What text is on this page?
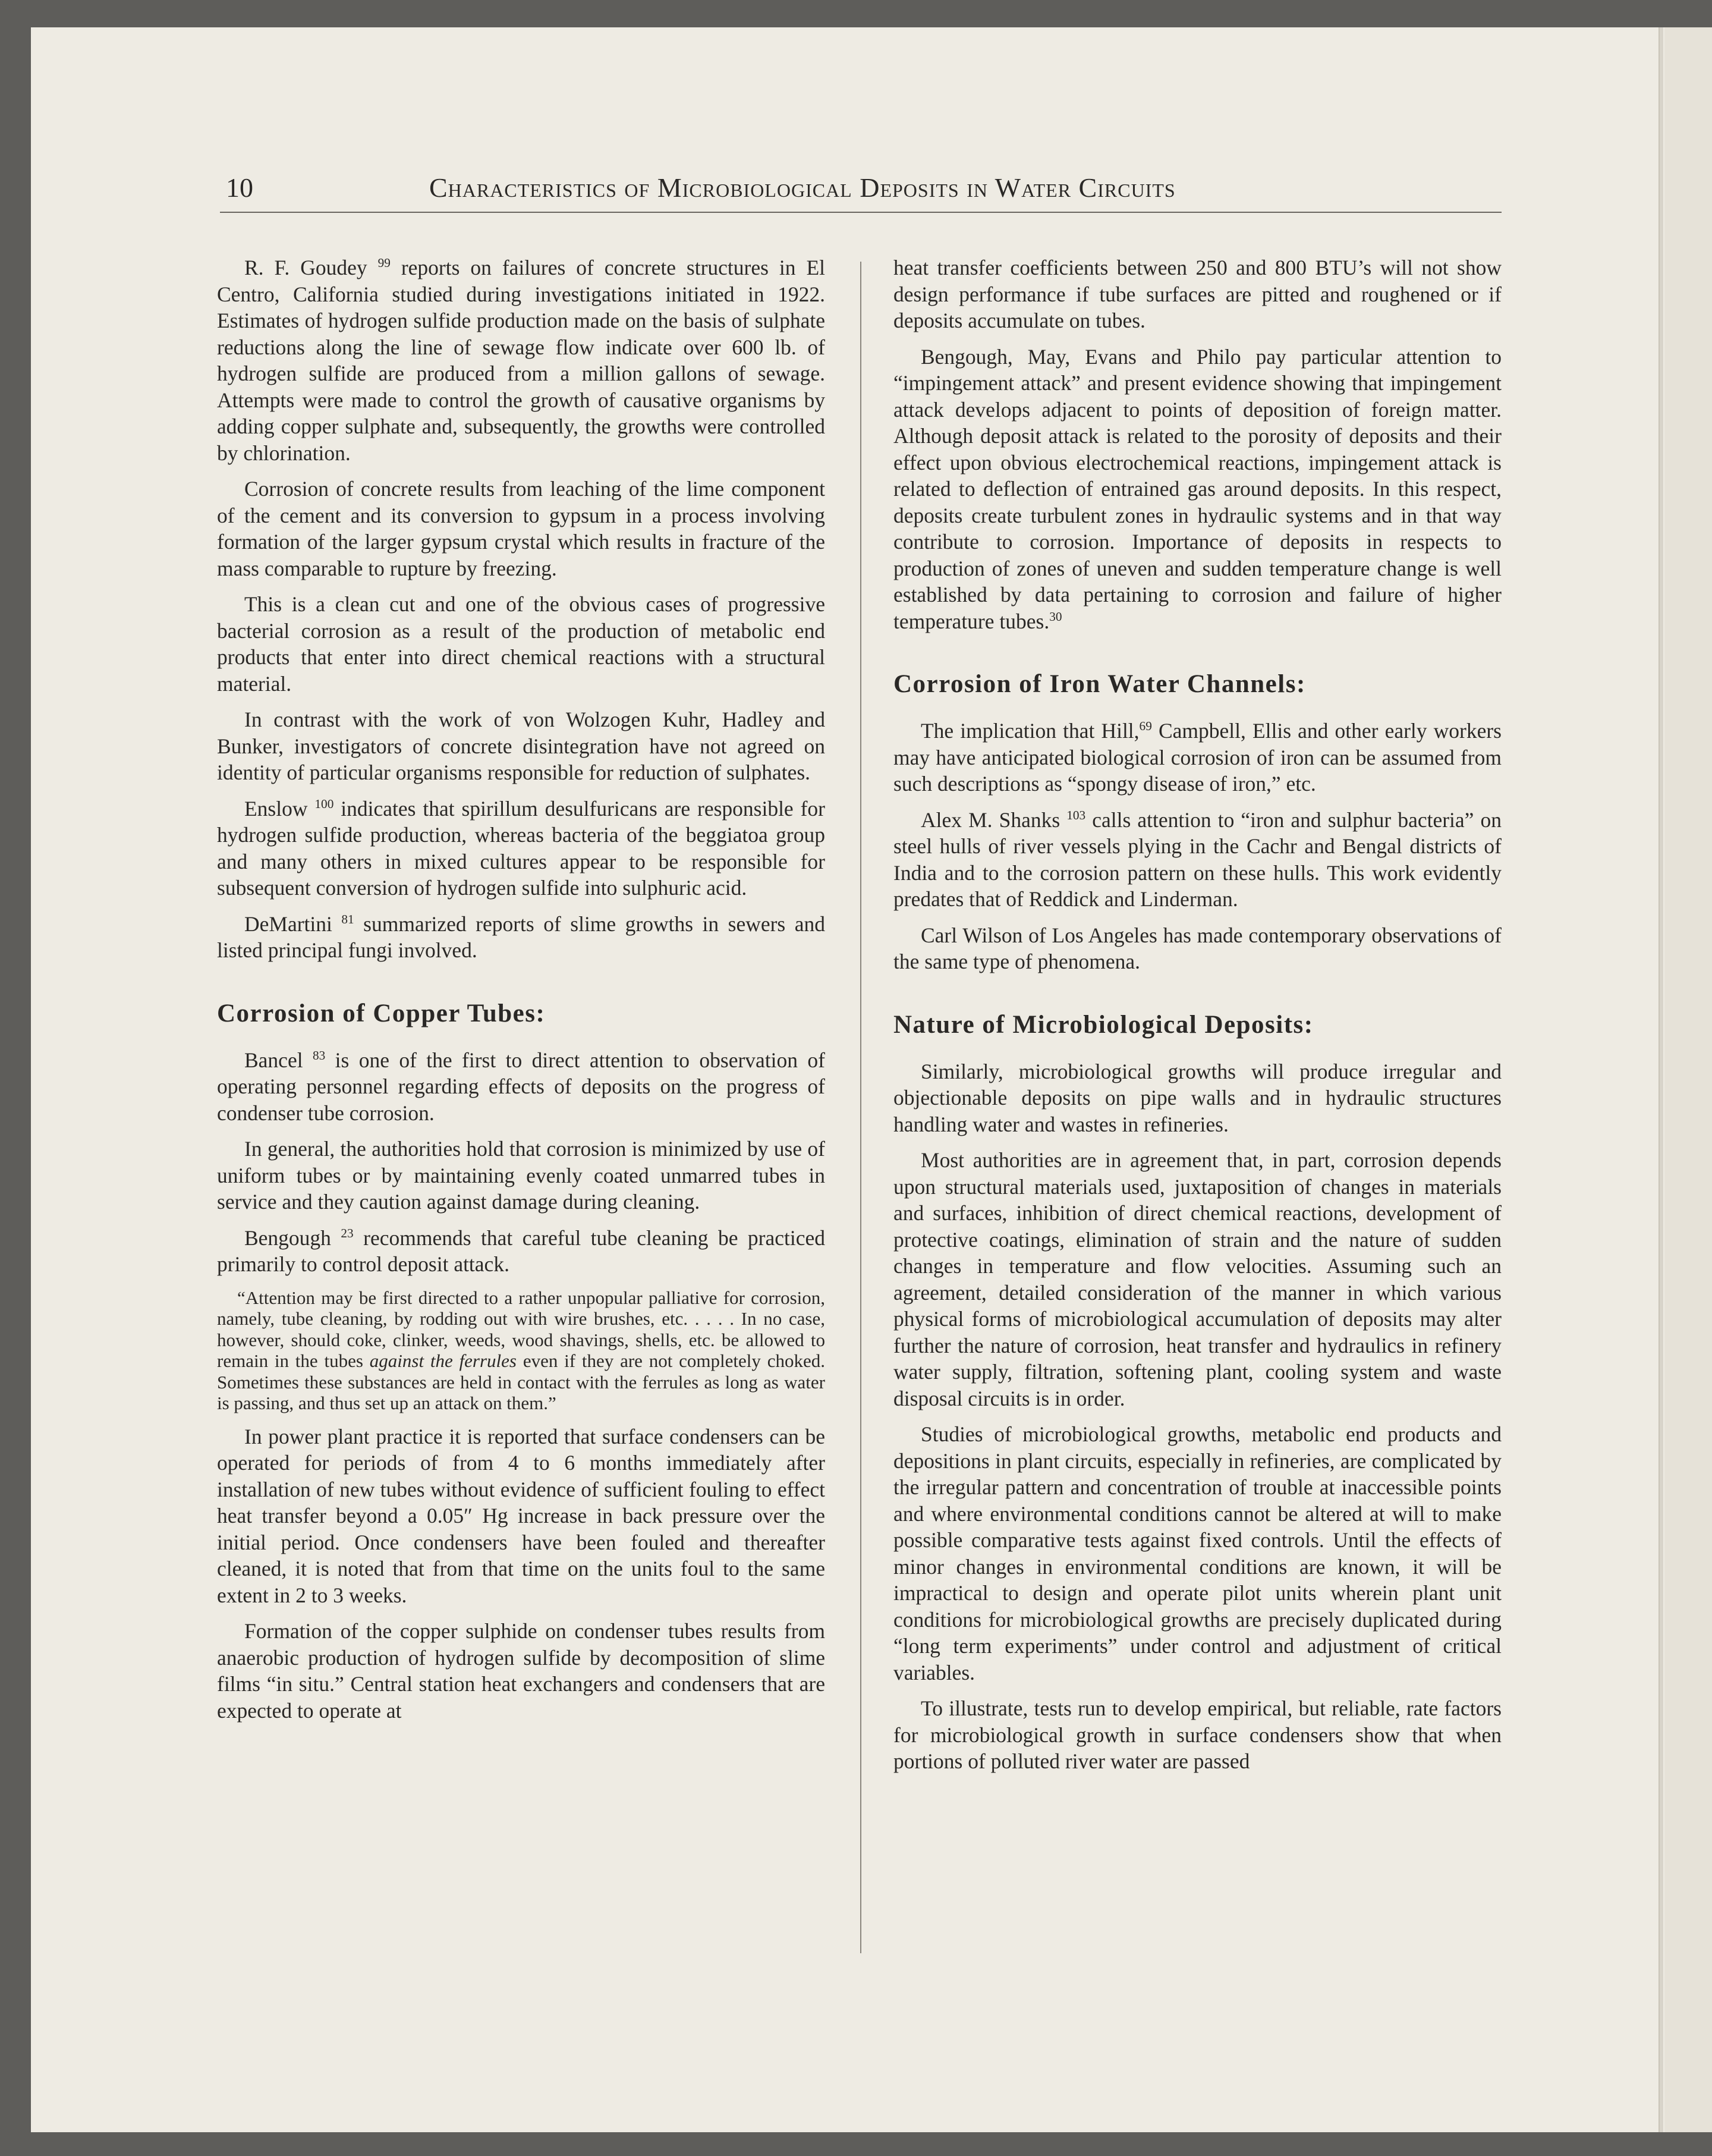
10	Characteristics of Microbiological Deposits in Water Circuits

R. F. Goudey $^{99}$ reports on failures of concrete structures in El Centro, California studied during investigations initiated in 1922. Estimates of hydrogen sulfide production made on the basis of sulphate reductions along the line of sewage flow indicate over 600 lb. of hydrogen sulfide are produced from a million gallons of sewage. Attempts were made to control the growth of causative organisms by adding copper sulphate and, subsequently, the growths were controlled by chlorination.

Corrosion of concrete results from leaching of the lime component of the cement and its conversion to gypsum in a process involving formation of the larger gypsum crystal which results in fracture of the mass comparable to rupture by freezing.

This is a clean cut and one of the obvious cases of progressive bacterial corrosion as a result of the production of metabolic end products that enter into direct chemical reactions with a structural material.

In contrast with the work of von Wolzogen Kuhr, Hadley and Bunker, investigators of concrete disintegration have not agreed on identity of particular organisms responsible for reduction of sulphates.

Enslow $^{100}$ indicates that spirillum desulfuricans are responsible for hydrogen sulfide production, whereas bacteria of the beggiatoa group and many others in mixed cultures appear to be responsible for subsequent conversion of hydrogen sulfide into sulphuric acid.

DeMartini $^{81}$ summarized reports of slime growths in sewers and listed principal fungi involved.

Corrosion of Copper Tubes:

Bancel $^{83}$ is one of the first to direct attention to observation of operating personnel regarding effects of deposits on the progress of condenser tube corrosion.

In general, the authorities hold that corrosion is minimized by use of uniform tubes or by maintaining evenly coated unmarred tubes in service and they caution against damage during cleaning.

Bengough $^{23}$ recommends that careful tube cleaning be practiced primarily to control deposit attack.

“Attention may be first directed to a rather unpopular palliative for corrosion, namely, tube cleaning, by rodding out with wire brushes, etc. . . . . In no case, however, should coke, clinker, weeds, wood shavings, shells, etc. be allowed to remain in the tubes against the ferrules even if they are not completely choked. Sometimes these substances are held in contact with the ferrules as long as water is passing, and thus set up an attack on them.”

In power plant practice it is reported that surface condensers can be operated for periods of from 4 to 6 months immediately after installation of new tubes without evidence of sufficient fouling to effect heat transfer beyond a 0.05″ Hg increase in back pressure over the initial period. Once condensers have been fouled and thereafter cleaned, it is noted that from that time on the units foul to the same extent in 2 to 3 weeks.

Formation of the copper sulphide on condenser tubes results from anaerobic production of hydrogen sulfide by decomposition of slime films “in situ.” Central station heat exchangers and condensers that are expected to operate at

heat transfer coefficients between 250 and 800 BTU’s will not show design performance if tube surfaces are pitted and roughened or if deposits accumulate on tubes.

Bengough, May, Evans and Philo pay particular attention to “impingement attack” and present evidence showing that impingement attack develops adjacent to points of deposition of foreign matter. Although deposit attack is related to the porosity of deposits and their effect upon obvious electrochemical reactions, impingement attack is related to deflection of entrained gas around deposits. In this respect, deposits create turbulent zones in hydraulic systems and in that way contribute to corrosion. Importance of deposits in respects to production of zones of uneven and sudden temperature change is well established by data pertaining to corrosion and failure of higher temperature tubes.$^{30}$

Corrosion of Iron Water Channels:

The implication that Hill,$^{69}$ Campbell, Ellis and other early workers may have anticipated biological corrosion of iron can be assumed from such descriptions as “spongy disease of iron,” etc.

Alex M. Shanks $^{103}$ calls attention to “iron and sulphur bacteria” on steel hulls of river vessels plying in the Cachr and Bengal districts of India and to the corrosion pattern on these hulls. This work evidently predates that of Reddick and Linderman.

Carl Wilson of Los Angeles has made contemporary observations of the same type of phenomena.

Nature of Microbiological Deposits:

Similarly, microbiological growths will produce irregular and objectionable deposits on pipe walls and in hydraulic structures handling water and wastes in refineries.

Most authorities are in agreement that, in part, corrosion depends upon structural materials used, juxtaposition of changes in materials and surfaces, inhibition of direct chemical reactions, development of protective coatings, elimination of strain and the nature of sudden changes in temperature and flow velocities. Assuming such an agreement, detailed consideration of the manner in which various physical forms of microbiological accumulation of deposits may alter further the nature of corrosion, heat transfer and hydraulics in refinery water supply, filtration, softening plant, cooling system and waste disposal circuits is in order.

Studies of microbiological growths, metabolic end products and depositions in plant circuits, especially in refineries, are complicated by the irregular pattern and concentration of trouble at inaccessible points and where environmental conditions cannot be altered at will to make possible comparative tests against fixed controls. Until the effects of minor changes in environmental conditions are known, it will be impractical to design and operate pilot units wherein plant unit conditions for microbiological growths are precisely duplicated during “long term experiments” under control and adjustment of critical variables.

To illustrate, tests run to develop empirical, but reliable, rate factors for microbiological growth in surface condensers show that when portions of polluted river water are passed
